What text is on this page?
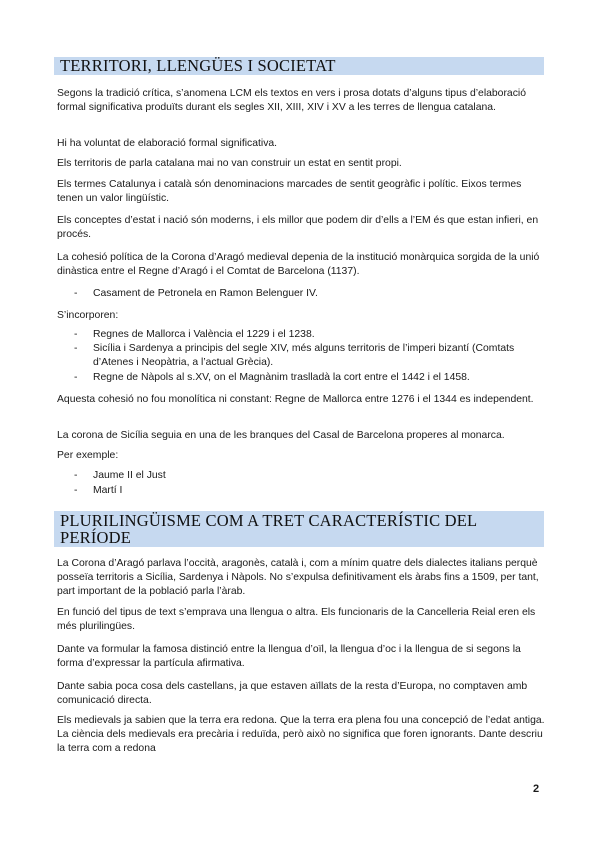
TERRITORI, LLENGÜES I SOCIETAT

Segons la tradició crítica, s’anomena LCM els textos en vers i prosa dotats d’alguns tipus d’elaboració formal significativa produïts durant els segles XII, XIII, XIV i XV a les terres de llengua catalana.

Hi ha voluntat de elaboració formal significativa.

Els territoris de parla catalana mai no van construir un estat en sentit propi.

Els termes Catalunya i català són denominacions marcades de sentit geogràfic i polític. Eixos termes tenen un valor lingüístic.

Els conceptes d’estat i nació són moderns, i els millor que podem dir d’ells a l’EM és que estan infieri, en procés.

La cohesió política de la Corona d’Aragó medieval depenia de la institució monàrquica sorgida de la unió dinàstica entre el Regne d’Aragó i el Comtat de Barcelona (1137).

- Casament de Petronela en Ramon Belenguer IV.

S’incorporen:

- Regnes de Mallorca i València el 1229 i el 1238.
- Sicília i Sardenya a principis del segle XIV, més alguns territoris de l’imperi bizantí (Comtats d’Atenes i Neopàtria, a l’actual Grècia).
- Regne de Nàpols al s.XV, on el Magnànim traslladà la cort entre el 1442 i el 1458.

Aquesta cohesió no fou monolítica ni constant: Regne de Mallorca entre 1276 i el 1344 es independent.

La corona de Sicília seguia en una de les branques del Casal de Barcelona properes al monarca.

Per exemple:

- Jaume II el Just
- Martí I
PLURILINGÜISME COM A TRET CARACTERÍSTIC DEL
PERÍODE

La Corona d’Aragó parlava l’occità, aragonès, català i, com a mínim quatre dels dialectes italians perquè posseïa territoris a Sicília, Sardenya i Nàpols. No s’expulsa definitivament els àrabs fins a 1509, per tant, part important de la població parla l’àrab.

En funció del tipus de text s’emprava una llengua o altra. Els funcionaris de la Cancelleria Reial eren els més plurilingües.

Dante va formular la famosa distinció entre la llengua d’oïl, la llengua d’oc i la llengua de si segons la forma d’expressar la partícula afirmativa.

Dante sabia poca cosa dels castellans, ja que estaven aïllats de la resta d’Europa, no comptaven amb comunicació directa.

Els medievals ja sabien que la terra era redona. Que la terra era plena fou una concepció de l’edat antiga. La ciència dels medievals era precària i reduïda, però això no significa que foren ignorants. Dante descriu la terra com a redona

2
